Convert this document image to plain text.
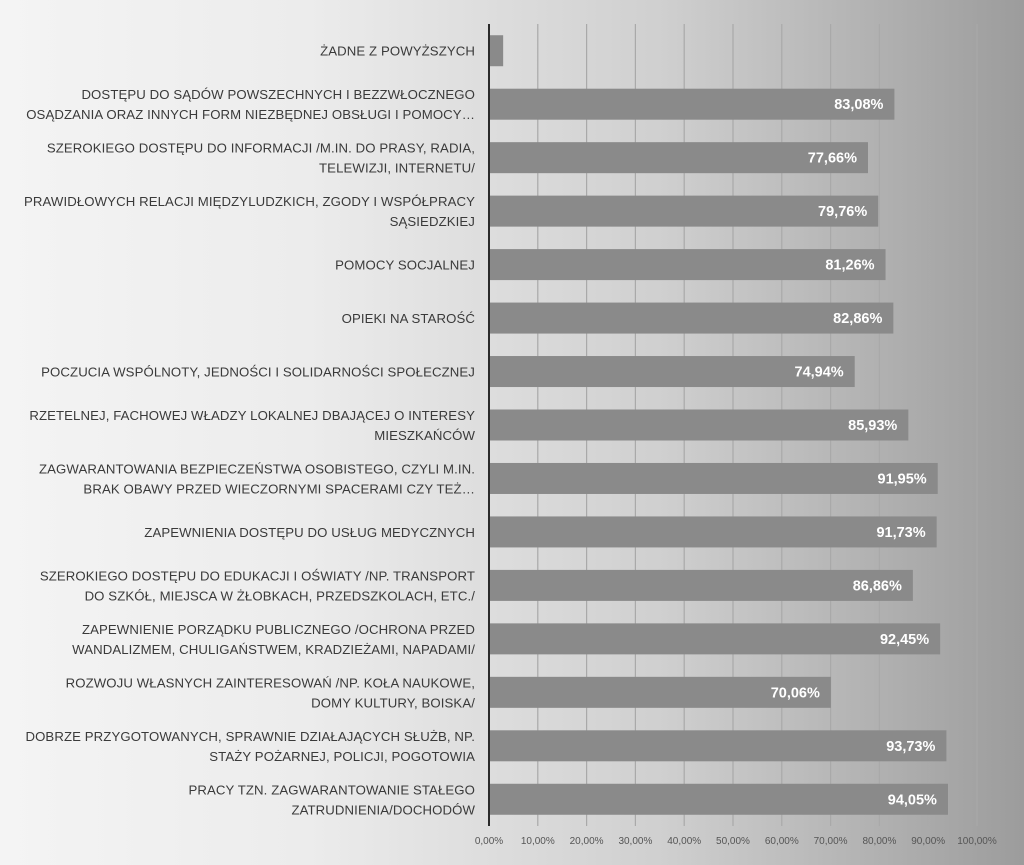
ŻADNE Z POWYŻSZYCH
DOSTĘPU DO SĄDÓW POWSZECHNYCH I BEZZWŁOCZNEGO
OSĄDZANIA ORAZ INNYCH FORM NIEZBĘDNEJ OBSŁUGI I POMOCY…
SZEROKIEGO DOSTĘPU DO INFORMACJI /M.IN. DO PRASY, RADIA,
TELEWIZJI, INTERNETU/
PRAWIDŁOWYCH RELACJI MIĘDZYLUDZKICH, ZGODY I WSPÓŁPRACY
SĄSIEDZKIEJ
POMOCY SOCJALNEJ
OPIEKI NA STAROŚĆ
POCZUCIA WSPÓLNOTY, JEDNOŚCI I SOLIDARNOŚCI SPOŁECZNEJ
RZETELNEJ, FACHOWEJ WŁADZY LOKALNEJ DBAJĄCEJ O INTERESY
MIESZKAŃCÓW
ZAGWARANTOWANIA BEZPIECZEŃSTWA OSOBISTEGO, CZYLI M.IN.
BRAK OBAWY PRZED WIECZORNYMI SPACERAMI CZY TEŻ…
ZAPEWNIENIA DOSTĘPU DO USŁUG MEDYCZNYCH
SZEROKIEGO DOSTĘPU DO EDUKACJI I OŚWIATY /NP. TRANSPORT
DO SZKÓŁ, MIEJSCA W ŻŁOBKACH, PRZEDSZKOLACH, ETC./
ZAPEWNIENIE PORZĄDKU PUBLICZNEGO /OCHRONA PRZED
WANDALIZMEM, CHULIGAŃSTWEM, KRADZIEŻAMI, NAPADAMI/
ROZWOJU WŁASNYCH ZAINTERESOWAŃ /NP. KOŁA NAUKOWE,
DOMY KULTURY, BOISKA/
DOBRZE PRZYGOTOWANYCH, SPRAWNIE DZIAŁAJĄCYCH SŁUŻB, NP.
STAŻY POŻARNEJ, POLICJI, POGOTOWIA
PRACY TZN. ZAGWARANTOWANIE STAŁEGO
ZATRUDNIENIA/DOCHODÓW
83,08%
77,66%
79,76%
81,26%
82,86%
74,94%
85,93%
91,95%
91,73%
86,86%
92,45%
70,06%
93,73%
94,05%
0,00% 10,00% 20,00% 30,00% 40,00% 50,00% 60,00% 70,00% 80,00% 90,00% 100,00%
